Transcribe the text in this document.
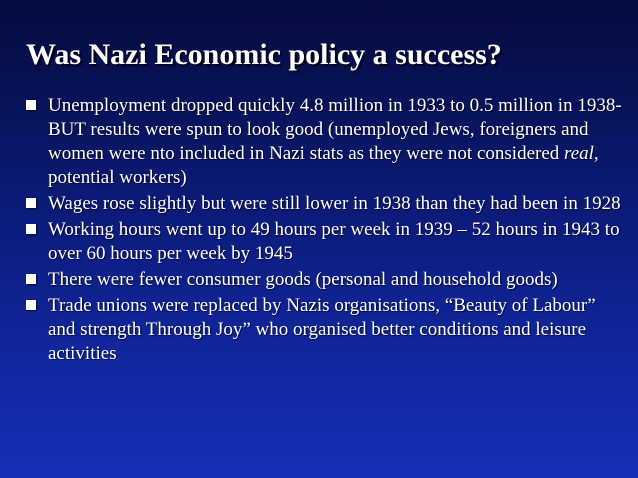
Was Nazi Economic policy a success?
Unemployment dropped quickly 4.8 million in 1933 to 0.5 million in 1938-BUT results were spun to look good (unemployed Jews, foreigners and women were nto included in Nazi stats as they were not considered real, potential workers)
Wages rose slightly but were still lower in 1938 than they had been in 1928
Working hours went up to 49 hours per week in 1939 – 52 hours in 1943 to over 60 hours per week by 1945
There were fewer consumer goods (personal and household goods)
Trade unions were replaced by Nazis organisations, “Beauty of Labour” and strength Through Joy” who organised better conditions and leisure activities
